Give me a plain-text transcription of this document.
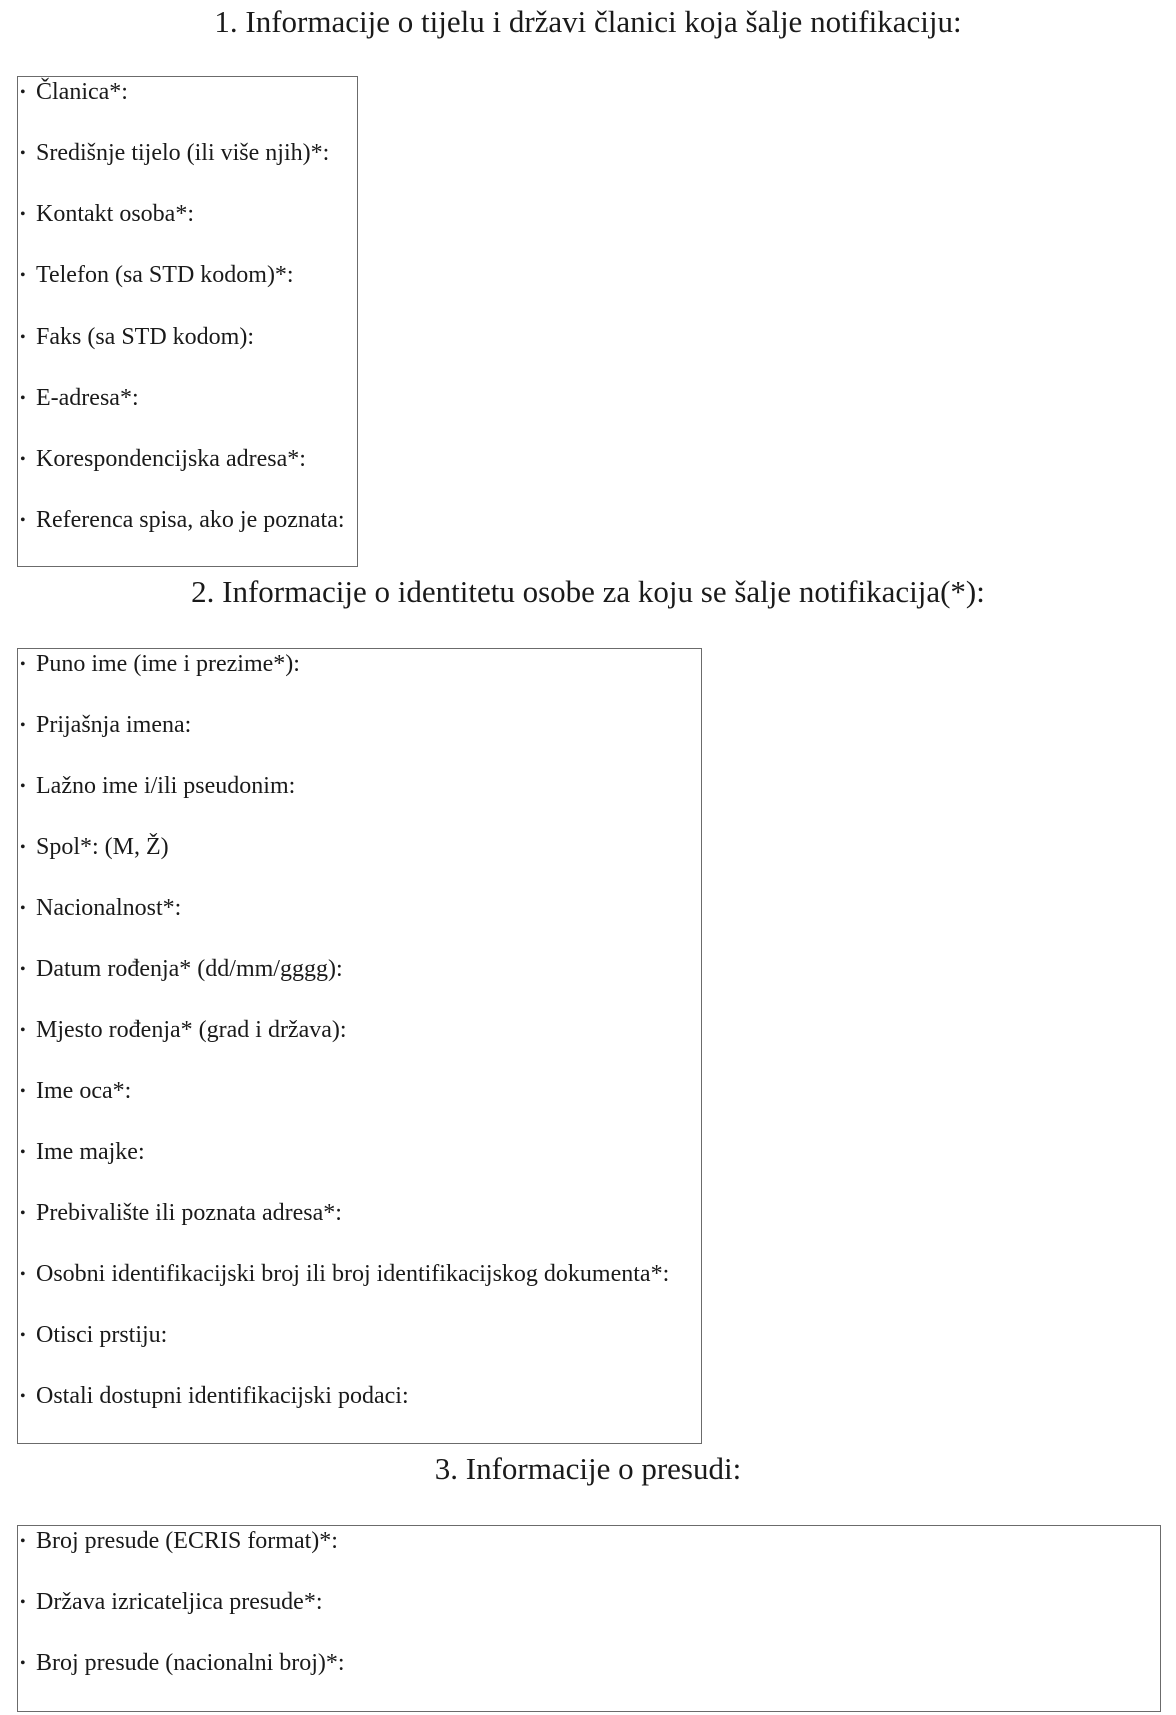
1. Informacije o tijelu i državi članici koja šalje notifikaciju:
• Članica*:
• Središnje tijelo (ili više njih)*:
• Kontakt osoba*:
• Telefon (sa STD kodom)*:
• Faks (sa STD kodom):
• E-adresa*:
• Korespondencijska adresa*:
• Referenca spisa, ako je poznata:
2. Informacije o identitetu osobe za koju se šalje notifikacija(*):
• Puno ime (ime i prezime*):
• Prijašnja imena:
• Lažno ime i/ili pseudonim:
• Spol*: (M, Ž)
• Nacionalnost*:
• Datum rođenja* (dd/mm/gggg):
• Mjesto rođenja* (grad i država):
• Ime oca*:
• Ime majke:
• Prebivalište ili poznata adresa*:
• Osobni identifikacijski broj ili broj identifikacijskog dokumenta*:
• Otisci prstiju:
• Ostali dostupni identifikacijski podaci:
3. Informacije o presudi:
• Broj presude (ECRIS format)*:
• Država izricateljica presude*:
• Broj presude (nacionalni broj)*:
